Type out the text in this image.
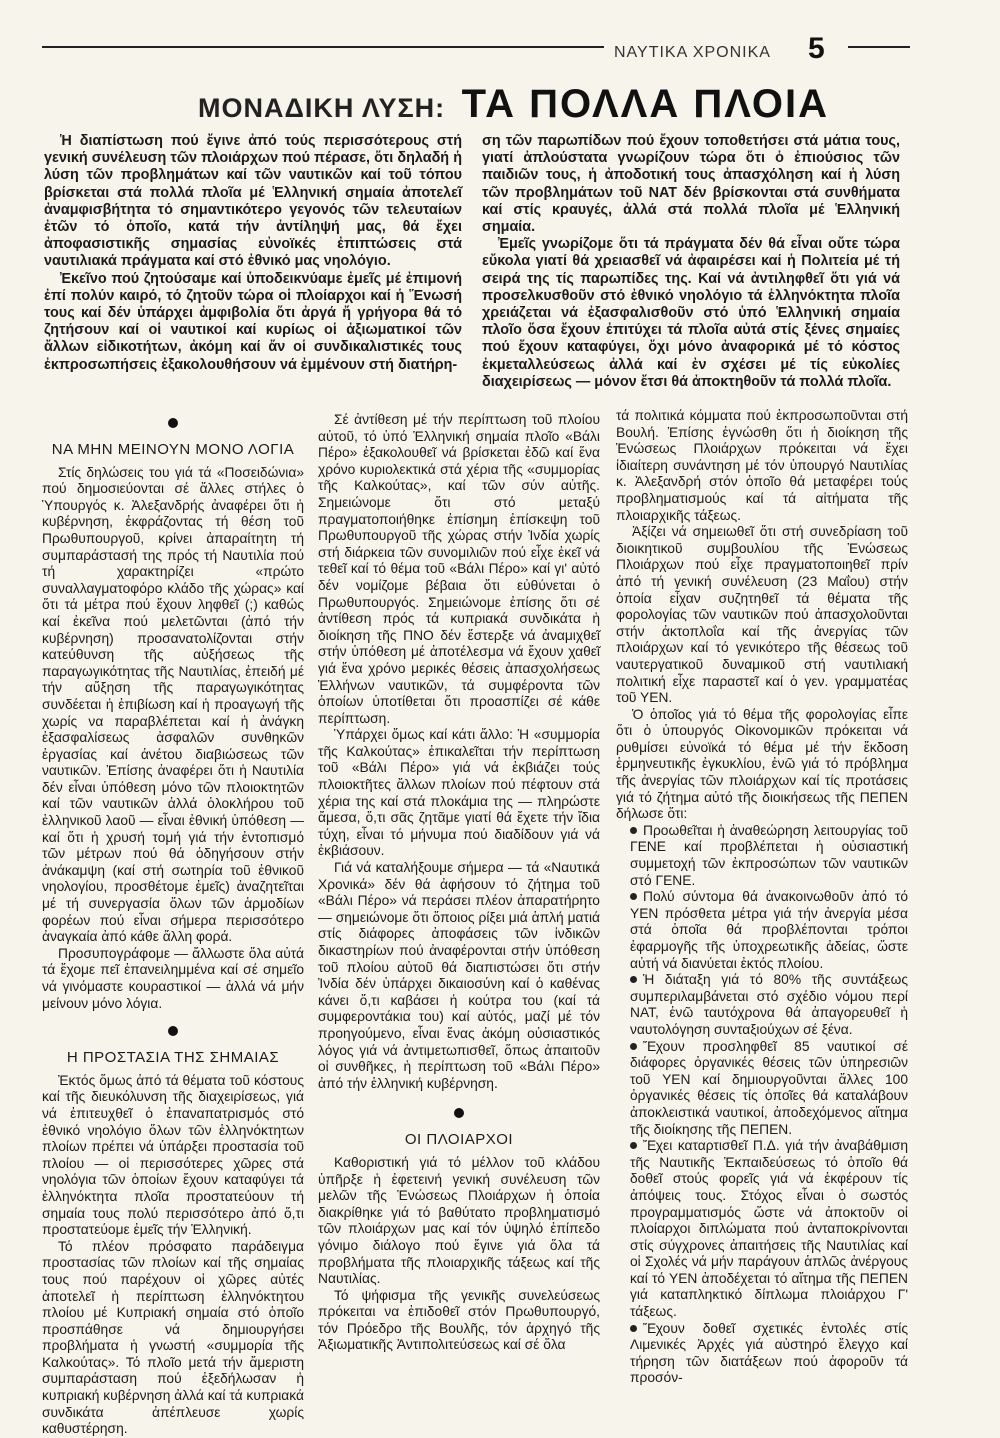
ΝΑΥΤΙΚΑ ΧΡΟΝΙΚΑ 5
ΜΟΝΑΔΙΚΗ ΛΥΣΗ: ΤΑ ΠΟΛΛΑ ΠΛΟΙΑ

Ἡ διαπίστωση πού ἔγινε ἀπό τούς περισσότερους στή γενική συνέλευση τῶν πλοιάρχων πού πέρασε, ὅτι δηλαδή ἡ λύση τῶν προβλημάτων καί τῶν ναυτικῶν καί τοῦ τόπου βρίσκεται στά πολλά πλοῖα μέ Ἑλληνική σημαία ἀποτελεῖ ἀναμφισβήτητα τό σημαντικότερο γεγονός τῶν τελευταίων ἐτῶν τό ὁποῖο, κατά τήν ἀντίληψή μας, θά ἔχει ἀποφασιστικῆς σημασίας εὐνοϊκές ἐπιπτώσεις στά ναυτιλιακά πράγματα καί στό ἐθνικό μας νηολόγιο.

Ἐκεῖνο πού ζητούσαμε καί ὑποδεικνύαμε ἐμεῖς μέ ἐπιμονή ἐπί πολύν καιρό, τό ζητοῦν τώρα οἱ πλοίαρχοι καί ἡ Ἕνωσή τους καί δέν ὑπάρχει ἀμφιβολία ὅτι ἀργά ἤ γρήγορα θά τό ζητήσουν καί οἱ ναυτικοί καί κυρίως οἱ ἀξιωματικοί τῶν ἄλλων εἰδικοτήτων, ἀκόμη καί ἄν οἱ συνδικαλιστικές τους ἐκπροσωπήσεις ἐξακολουθήσουν νά ἐμμένουν στή διατήρη-

ση τῶν παρωπίδων πού ἔχουν τοποθετήσει στά μάτια τους, γιατί ἁπλούστατα γνωρίζουν τώρα ὅτι ὁ ἐπιούσιος τῶν παιδιῶν τους, ἡ ἀποδοτική τους ἀπασχόληση καί ἡ λύση τῶν προβλημάτων τοῦ ΝΑΤ δέν βρίσκονται στά συνθήματα καί στίς κραυγές, ἀλλά στά πολλά πλοῖα μέ Ἑλληνική σημαία.

Ἐμεῖς γνωρίζομε ὅτι τά πράγματα δέν θά εἶναι οὔτε τώρα εὔκολα γιατί θά χρειασθεῖ νά ἀφαιρέσει καί ἡ Πολιτεία μέ τή σειρά της τίς παρωπίδες της. Καί νά ἀντιληφθεῖ ὅτι γιά νά προσελκυσθοῦν στό ἐθνικό νηολόγιο τά ἑλληνόκτητα πλοῖα χρειάζεται νά ἐξασφαλισθοῦν στό ὑπό Ἑλληνική σημαία πλοῖο ὅσα ἔχουν ἐπιτύχει τά πλοῖα αὐτά στίς ξένες σημαίες πού ἔχουν καταφύγει, ὄχι μόνο ἀναφορικά μέ τό κόστος ἐκμεταλλεύσεως ἀλλά καί ἐν σχέσει μέ τίς εὐκολίες διαχειρίσεως — μόνον ἔτσι θά ἀποκτηθοῦν τά πολλά πλοῖα.

ΝΑ ΜΗΝ ΜΕΙΝΟΥΝ ΜΟΝΟ ΛΟΓΙΑ

Στίς δηλώσεις του γιά τά «Ποσειδώνια» πού δημοσιεύονται σέ ἄλλες στήλες ὁ Ὑπουργός κ. Ἀλεξανδρής ἀναφέρει ὅτι ἡ κυβέρνηση, ἐκφράζοντας τή θέση τοῦ Πρωθυπουργοῦ, κρίνει ἀπαραίτητη τή συμπαράστασή της πρός τή Ναυτιλία πού τή χαρακτηρίζει «πρώτο συναλλαγματοφόρο κλάδο τῆς χώρας» καί ὅτι τά μέτρα πού ἔχουν ληφθεῖ (;) καθώς καί ἐκεῖνα πού μελετῶνται (ἀπό τήν κυβέρνηση) προσανατολίζονται στήν κατεύθυνση τῆς αὐξήσεως τῆς παραγωγικότητας τῆς Ναυτιλίας, ἐπειδή μέ τήν αὔξηση τῆς παραγωγικότητας συνδέεται ἡ ἐπιβίωση καί ἡ προαγωγή τῆς χωρίς να παραβλέπεται καί ἡ ἀνάγκη ἐξασφαλίσεως ἀσφαλῶν συνθηκῶν ἐργασίας καί ἀνέτου διαβιώσεως τῶν ναυτικῶν. Ἐπίσης ἀναφέρει ὅτι ἡ Ναυτιλία δέν εἶναι ὑπόθεση μόνο τῶν πλοιοκτητῶν καί τῶν ναυτικῶν ἀλλά ὁλοκλήρου τοῦ ἑλληνικοῦ λαοῦ — εἶναι ἐθνική ὑπόθεση — καί ὅτι ἡ χρυσή τομή γιά τήν ἐντοπισμό τῶν μέτρων πού θά ὁδηγήσουν στήν ἀνάκαμψη (καί στή σωτηρία τοῦ ἐθνικοῦ νηολογίου, προσθέτομε ἐμεῖς) ἀναζητεῖται μέ τή συνεργασία ὅλων τῶν ἁρμοδίων φορέων πού εἶναι σήμερα περισσότερο ἀναγκαία ἀπό κάθε ἄλλη φορά.

Προσυπογράφομε — ἄλλωστε ὅλα αὐτά τά ἔχομε πεῖ ἐπανειλημμένα καί σέ σημεῖο νά γινόμαστε κουραστικοί — ἀλλά νά μήν μείνουν μόνο λόγια.

Η ΠΡΟΣΤΑΣΙΑ ΤΗΣ ΣΗΜΑΙΑΣ

Ἐκτός ὅμως ἀπό τά θέματα τοῦ κόστους καί τῆς διευκόλυνση τῆς διαχειρίσεως, γιά νά ἐπιτευχθεῖ ὁ ἐπαναπατρισμός στό ἐθνικό νηολόγιο ὅλων τῶν ἑλληνόκτητων πλοίων πρέπει νά ὑπάρξει προστασία τοῦ πλοίου — οἱ περισσότερες χῶρες στά νηολόγια τῶν ὁποίων ἔχουν καταφύγει τά ἑλληνόκτητα πλοῖα προστατεύουν τή σημαία τους πολύ περισσότερο ἀπό ὅ,τι προστατεύομε ἐμεῖς τήν Ἑλληνική.

Τό πλέον πρόσφατο παράδειγμα προστασίας τῶν πλοίων καί τῆς σημαίας τους πού παρέχουν οἱ χῶρες αὐτές ἀποτελεῖ ἡ περίπτωση ἑλληνόκτητου πλοίου μέ Κυπριακή σημαία στό ὁποῖο προσπάθησε νά δημιουργήσει προβλήματα ἡ γνωστή «συμμορία τῆς Καλκούτας». Τό πλοῖο μετά τήν ἄμεριστη συμπαράσταση πού ἐξεδήλωσαν ἡ κυπριακή κυβέρνηση ἀλλά καί τά κυπριακά συνδικάτα ἀπέπλευσε χωρίς καθυστέρηση.

Σέ ἀντίθεση μέ τήν περίπτωση τοῦ πλοίου αὐτοῦ, τό ὑπό Ἑλληνική σημαία πλοῖο «Βάλι Πέρο» ἐξακολουθεῖ νά βρίσκεται ἐδῶ καί ἕνα χρόνο κυριολεκτικά στά χέρια τῆς «συμμορίας τῆς Καλκούτας», καί τῶν σύν αὐτῆς. Σημειώνομε ὅτι στό μεταξύ πραγματοποιήθηκε ἐπίσημη ἐπίσκεψη τοῦ Πρωθυπουργοῦ τῆς χώρας στήν Ἰνδία χωρίς στή διάρκεια τῶν συνομιλιῶν πού εἶχε ἐκεῖ νά τεθεῖ καί τό θέμα τοῦ «Βάλι Πέρο» καί γι' αὐτό δέν νομίζομε βέβαια ὅτι εὐθύνεται ὁ Πρωθυπουργός. Σημειώνομε ἐπίσης ὅτι σέ ἀντίθεση πρός τά κυπριακά συνδικάτα ἡ διοίκηση τῆς ΠΝΟ δέν ἔστερξε νά ἀναμιχθεῖ στήν ὑπόθεση μέ ἀποτέλεσμα νά ἔχουν χαθεῖ γιά ἕνα χρόνο μερικές θέσεις ἀπασχολήσεως Ἑλλήνων ναυτικῶν, τά συμφέροντα τῶν ὁποίων ὑποτίθεται ὅτι προασπίζει σέ κάθε περίπτωση.

Ὑπάρχει ὅμως καί κάτι ἄλλο: Ἡ «συμμορία τῆς Καλκούτας» ἐπικαλεῖται τήν περίπτωση τοῦ «Βάλι Πέρο» γιά νά ἐκβιάζει τούς πλοιοκτῆτες ἄλλων πλοίων πού πέφτουν στά χέρια της καί στά πλοκάμια της — πληρώστε ἄμεσα, ὅ,τι σᾶς ζητᾶμε γιατί θά ἔχετε τήν ἴδια τύχη, εἶναι τό μήνυμα πού διαδίδουν γιά νά ἐκβιάσουν.

Γιά νά καταλήξουμε σήμερα — τά «Ναυτικά Χρονικά» δέν θά ἀφήσουν τό ζήτημα τοῦ «Βάλι Πέρο» νά περάσει πλέον ἀπαρατήρητο — σημειώνομε ὅτι ὅποιος ρίξει μιά ἁπλή ματιά στίς διάφορες ἀποφάσεις τῶν ἰνδικῶν δικαστηρίων πού ἀναφέρονται στήν ὑπόθεση τοῦ πλοίου αὐτοῦ θά διαπιστώσει ὅτι στήν Ἰνδία δέν ὑπάρχει δικαιοσύνη καί ὁ καθένας κάνει ὅ,τι καβάσει ἡ κούτρα του (καί τά συμφεροντάκια του) καί αὐτός, μαζί μέ τόν προηγούμενο, εἶναι ἕνας ἀκόμη οὐσιαστικός λόγος γιά νά ἀντιμετωπισθεῖ, ὅπως ἀπαιτοῦν οἱ συνθῆκες, ἡ περίπτωση τοῦ «Βάλι Πέρο» ἀπό τήν ἑλληνική κυβέρνηση.

ΟΙ ΠΛΟΙΑΡΧΟΙ

Καθοριστική γιά τό μέλλον τοῦ κλάδου ὑπῆρξε ἡ ἐφετεινή γενική συνέλευση τῶν μελῶν τῆς Ἑνώσεως Πλοιάρχων ἡ ὁποία διακρίθηκε γιά τό βαθύτατο προβληματισμό τῶν πλοιάρχων μας καί τόν ὑψηλό ἐπίπεδο γόνιμο διάλογο πού ἔγινε γιά ὅλα τά προβλήματα τῆς πλοιαρχικῆς τάξεως καί τῆς Ναυτιλίας.

Τό ψήφισμα τῆς γενικῆς συνελεύσεως πρόκειται να ἐπιδοθεῖ στόν Πρωθυπουργό, τόν Πρόεδρο τῆς Βουλῆς, τόν ἀρχηγό τῆς Ἀξιωματικῆς Ἀντιπολιτεύσεως καί σέ ὅλα

τά πολιτικά κόμματα πού ἐκπροσωποῦνται στή Βουλή. Ἐπίσης ἐγνώσθη ὅτι ἡ διοίκηση τῆς Ἑνώσεως Πλοιάρχων πρόκειται νά ἔχει ἰδιαίτερη συνάντηση μέ τόν ὑπουργό Ναυτιλίας κ. Ἀλεξανδρή στόν ὁποῖο θά μεταφέρει τούς προβληματισμούς καί τά αἰτήματα τῆς πλοιαρχικῆς τάξεως.

Ἀξίζει νά σημειωθεῖ ὅτι στή συνεδρίαση τοῦ διοικητικοῦ συμβουλίου τῆς Ἑνώσεως Πλοιάρχων πού εἶχε πραγματοποιηθεῖ πρίν ἀπό τή γενική συνέλευση (23 Μαΐου) στήν ὁποία εἶχαν συζητηθεῖ τά θέματα τῆς φορολογίας τῶν ναυτικῶν πού ἀπασχολοῦνται στήν ἀκτοπλοΐα καί τῆς ἀνεργίας τῶν πλοιάρχων καί τό γενικότερο τῆς θέσεως τοῦ ναυτεργατικοῦ δυναμικοῦ στή ναυτιλιακή πολιτική εἶχε παραστεῖ καί ὁ γεν. γραμματέας τοῦ ΥΕΝ.

Ὁ ὁποῖος γιά τό θέμα τῆς φορολογίας εἶπε ὅτι ὁ ὑπουργός Οἰκονομικῶν πρόκειται νά ρυθμίσει εὐνοϊκά τό θέμα μέ τήν ἔκδοση ἑρμηνευτικῆς ἐγκυκλίου, ἐνῶ γιά τό πρόβλημα τῆς ἀνεργίας τῶν πλοιάρχων καί τίς προτάσεις γιά τό ζήτημα αὐτό τῆς διοικήσεως τῆς ΠΕΠΕΝ δήλωσε ὅτι:

Προωθεῖται ἡ ἀναθεώρηση λειτουργίας τοῦ ΓΕΝΕ καί προβλέπεται ἡ οὐσιαστική συμμετοχή τῶν ἐκπροσώπων τῶν ναυτικῶν στό ΓΕΝΕ.

Πολύ σύντομα θά ἀνακοινωθοῦν ἀπό τό ΥΕΝ πρόσθετα μέτρα γιά τήν ἀνεργία μέσα στά ὁποῖα θά προβλέπονται τρόποι ἐφαρμογῆς τῆς ὑποχρεωτικῆς ἀδείας, ὥστε αὐτή νά διανύεται ἐκτός πλοίου.

Ἡ διάταξη γιά τό 80% τῆς συντάξεως συμπεριλαμβάνεται στό σχέδιο νόμου περί ΝΑΤ, ἐνῶ ταυτόχρονα θά ἀπαγορευθεῖ ἡ ναυτολόγηση συνταξιούχων σέ ξένα.

Ἔχουν προσληφθεῖ 85 ναυτικοί σέ διάφορες ὀργανικές θέσεις τῶν ὑπηρεσιῶν τοῦ ΥΕΝ καί δημιουργοῦνται ἄλλες 100 ὀργανικές θέσεις τίς ὁποῖες θά καταλάβουν ἀποκλειστικά ναυτικοί, ἀποδεχόμενος αἴτημα τῆς διοίκησης τῆς ΠΕΠΕΝ.

Ἔχει καταρτισθεῖ Π.Δ. γιά τήν ἀναβάθμιση τῆς Ναυτικῆς Ἐκπαιδεύσεως τό ὁποῖο θά δοθεῖ στούς φορεῖς γιά νά ἐκφέρουν τίς ἀπόψεις τους. Στόχος εἶναι ὁ σωστός προγραμματισμός ὥστε νά ἀποκτοῦν οἱ πλοίαρχοι διπλώματα πού ἀνταποκρίνονται στίς σύγχρονες ἀπαιτήσεις τῆς Ναυτιλίας καί οἱ Σχολές νά μήν παράγουν ἁπλῶς ἀνέργους καί τό ΥΕΝ ἀποδέχεται τό αἴτημα τῆς ΠΕΠΕΝ γιά καταπληκτικό δίπλωμα πλοιάρχου Γ' τάξεως.

Ἔχουν δοθεῖ σχετικές ἐντολές στίς Λιμενικές Ἀρχές γιά αὐστηρό ἔλεγχο καί τήρηση τῶν διατάξεων πού ἀφοροῦν τά προσόν-
